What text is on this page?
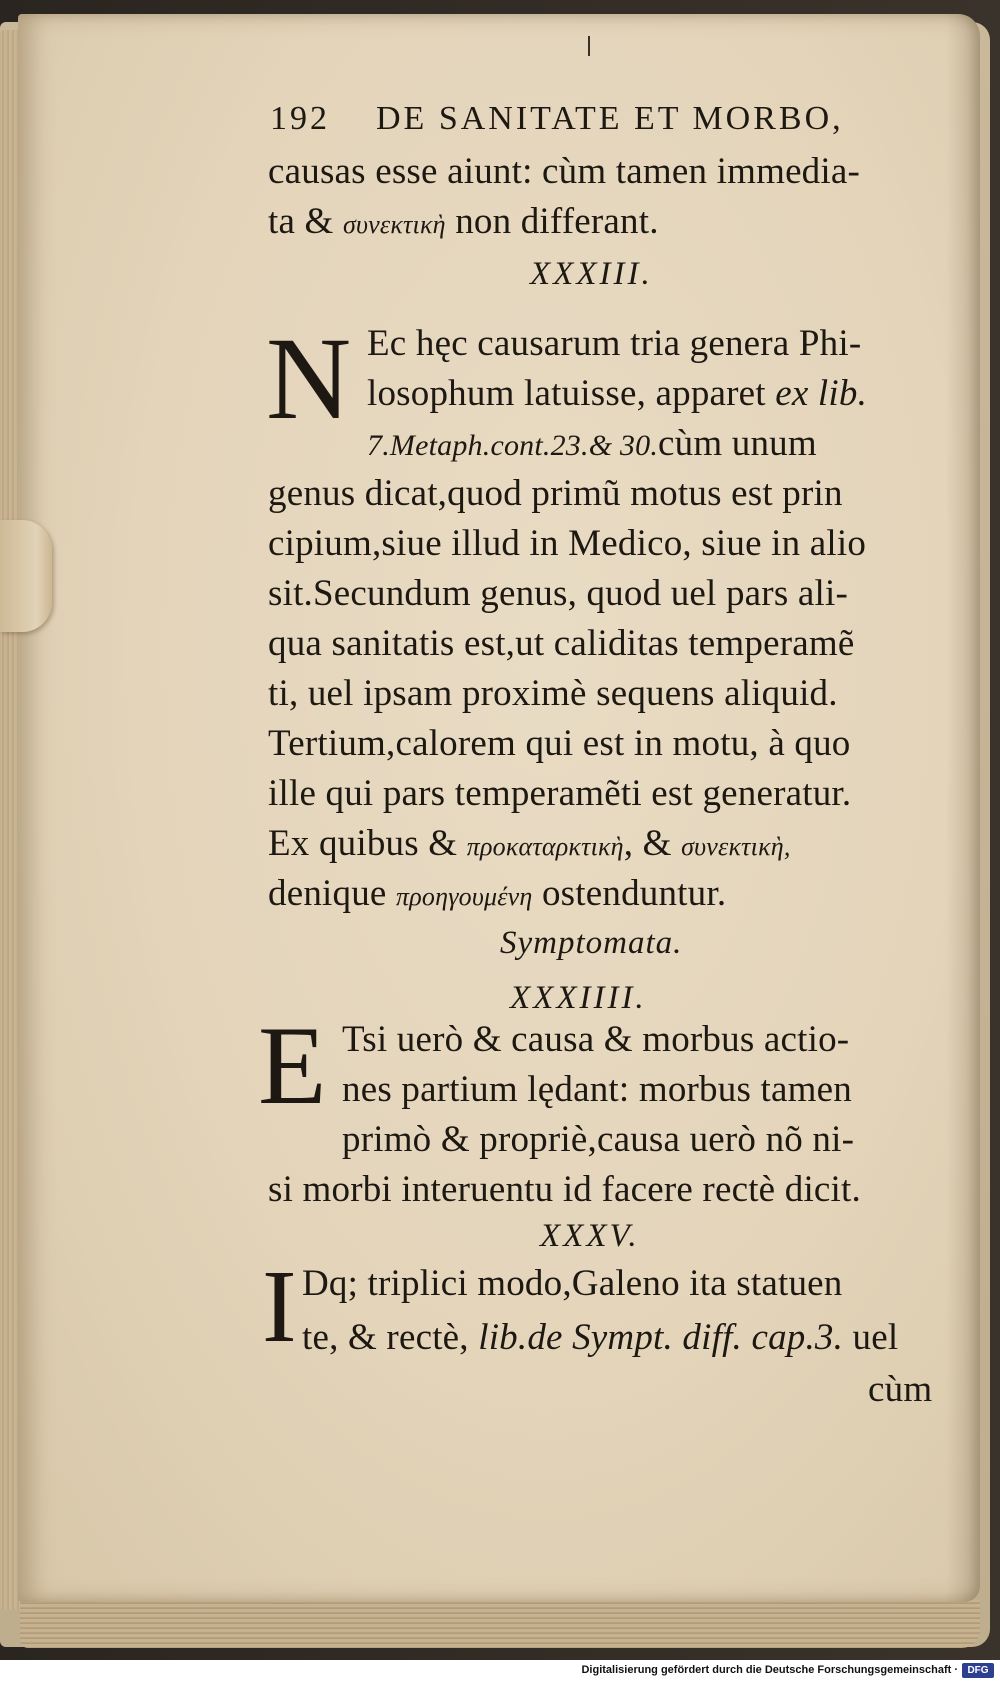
192 DE SANITATE ET MORBO,
causas esse aiunt: cùm tamen immedia-
ta & συνεκτικὴ non differant.
XXXIII.
N Ec hęc causarum tria genera Phi-
losophum latuisse, apparet ex lib.
7.Metaph.cont.23.& 30.cùm unum
genus dicat,quod primũ motus est prin
cipium,siue illud in Medico, siue in alio
sit.Secundum genus, quod uel pars ali-
qua sanitatis est,ut caliditas temperamẽ
ti, uel ipsam proximè sequens aliquid.
Tertium,calorem qui est in motu, à quo
ille qui pars temperamẽti est generatur.
Ex quibus & προκαταρκτικὴ, & συνεκτικὴ,
denique προηγουμένη ostenduntur.
Symptomata.
XXXIIII.
E Tsi uerò & causa & morbus actio-
nes partium lędant: morbus tamen
primò & propriè,causa uerò nõ ni-
si morbi interuentu id facere rectè dicit.
XXXV.
I Dq; triplici modo,Galeno ita statuen
te, & rectè, lib.de Sympt. diff. cap.3. uel
cùm
Digitalisierung gefördert durch die Deutsche Forschungsgemeinschaft · DFG
